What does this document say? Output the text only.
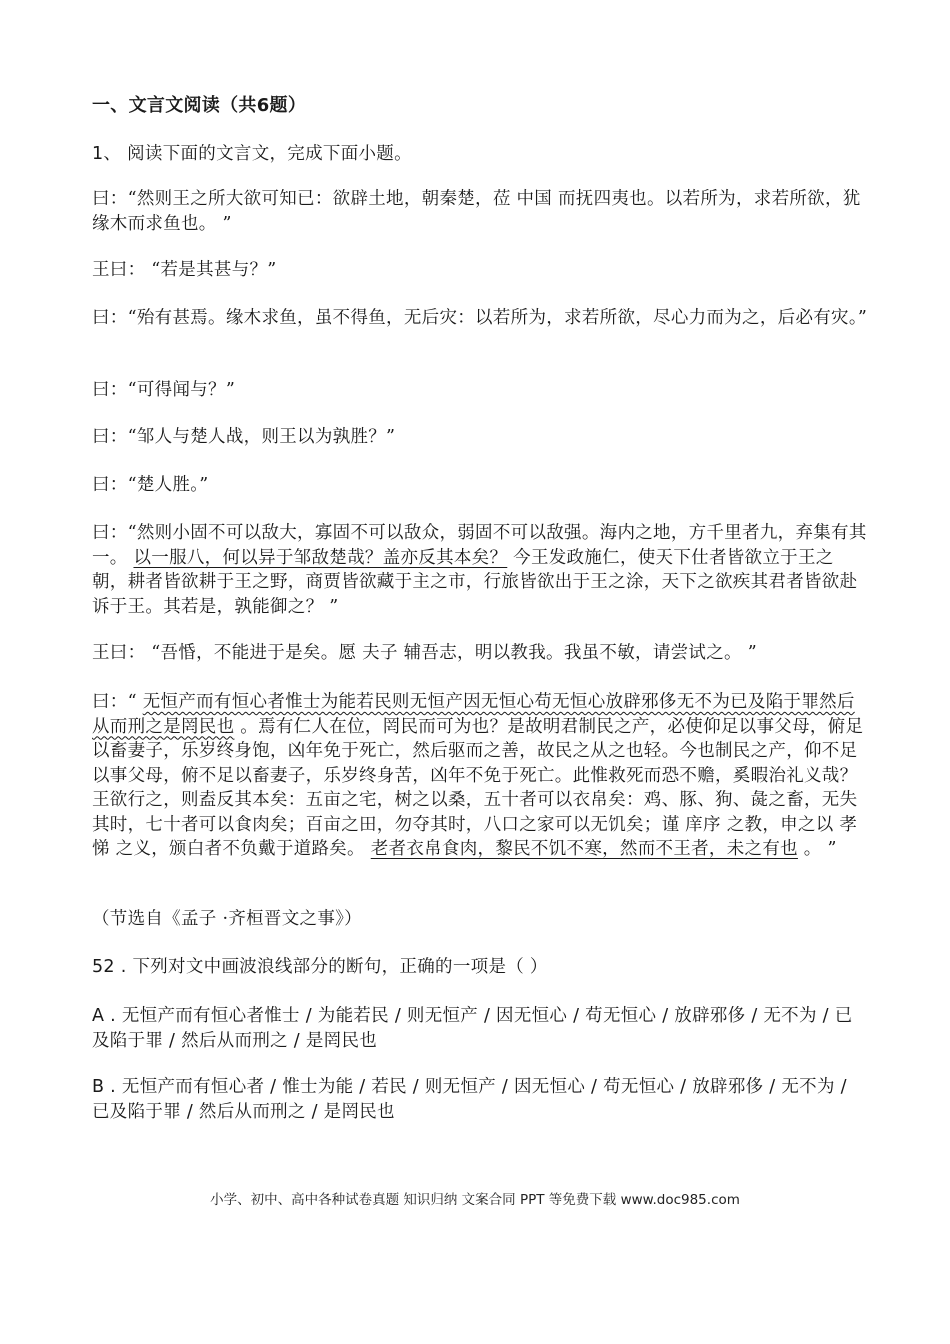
一、文言文阅读（共6题）

1、 阅读下面的文言文，完成下面小题。

曰：“然则王之所大欲可知已：欲辟土地，朝秦楚，莅 中国 而抚四夷也。以若所为，求若所欲，犹缘木而求鱼也。 ”

王曰： “若是其甚与？”

曰：“殆有甚焉。缘木求鱼，虽不得鱼，无后灾：以若所为，求若所欲，尽心力而为之，后必有灾。”

曰：“可得闻与？”

曰：“邹人与楚人战，则王以为孰胜？”

曰：“楚人胜。”

曰：“然则小固不可以敌大，寡固不可以敌众，弱固不可以敌强。海内之地，方千里者九，弃集有其一。 以一服八，何以异于邹敌楚哉？盖亦反其本矣？ 今王发政施仁，使天下仕者皆欲立于王之朝，耕者皆欲耕于王之野，商贾皆欲藏于主之市，行旅皆欲出于王之涂，天下之欲疾其君者皆欲赴诉于王。其若是，孰能御之？ ”

王曰： “吾惛，不能进于是矣。愿 夫子 辅吾志，明以教我。我虽不敏，请尝试之。 ”

曰：“ 无恒产而有恒心者惟士为能若民则无恒产因无恒心苟无恒心放辟邪侈无不为已及陷于罪然后从而刑之是罔民也 。焉有仁人在位，罔民而可为也？是故明君制民之产，必使仰足以事父母，俯足以畜妻子，乐岁终身饱，凶年免于死亡，然后驱而之善，故民之从之也轻。今也制民之产，仰不足以事父母，俯不足以畜妻子，乐岁终身苦，凶年不免于死亡。此惟救死而恐不赡，奚暇治礼义哉？王欲行之，则盍反其本矣：五亩之宅，树之以桑，五十者可以衣帛矣：鸡、豚、狗、彘之畜，无失其时，七十者可以食肉矣；百亩之田，勿夺其时，八口之家可以无饥矣；谨 庠序 之教，申之以 孝悌 之义，颁白者不负戴于道路矣。 老者衣帛食肉，黎民不饥不寒，然而不王者，未之有也 。 ”

（节选自《孟子 ·齐桓晋文之事》）

52 . 下列对文中画波浪线部分的断句，正确的一项是（ ）

A . 无恒产而有恒心者惟士 / 为能若民 / 则无恒产 / 因无恒心 / 苟无恒心 / 放辟邪侈 / 无不为 / 已及陷于罪 / 然后从而刑之 / 是罔民也

B . 无恒产而有恒心者 / 惟士为能 / 若民 / 则无恒产 / 因无恒心 / 苟无恒心 / 放辟邪侈 / 无不为 / 已及陷于罪 / 然后从而刑之 / 是罔民也

小学、初中、高中各种试卷真题 知识归纳 文案合同 PPT 等免费下载 www.doc985.com
